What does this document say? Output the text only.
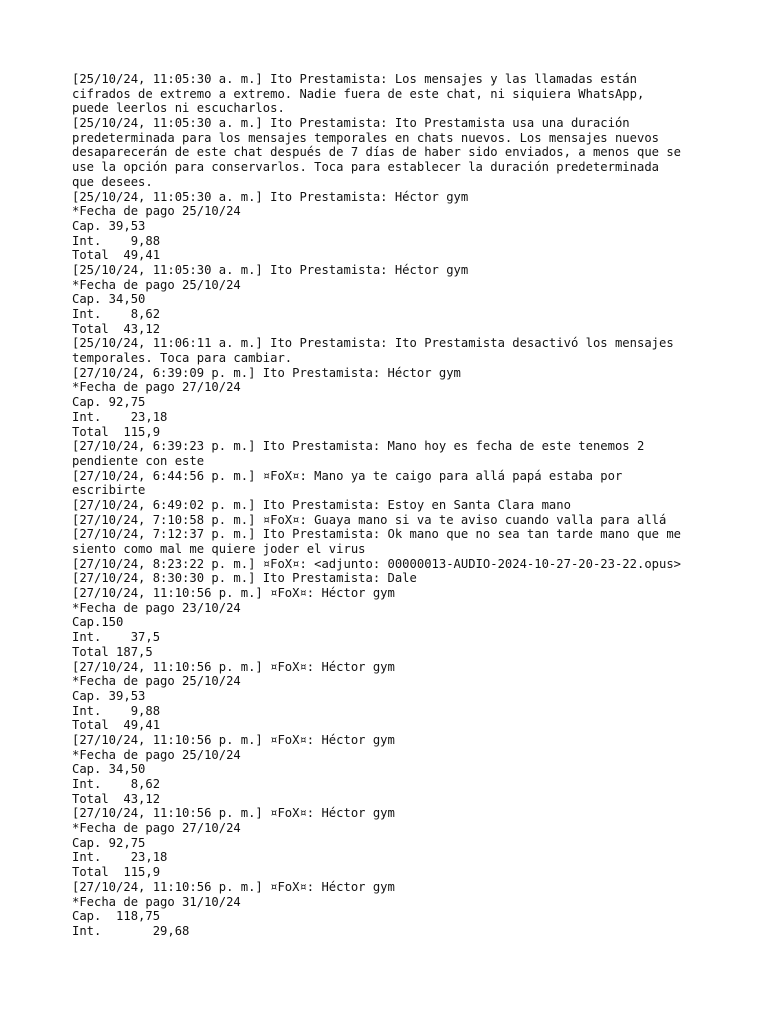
[25/10/24, 11:05:30 a. m.] Ito Prestamista: Los mensajes y las llamadas están
cifrados de extremo a extremo. Nadie fuera de este chat, ni siquiera WhatsApp,
puede leerlos ni escucharlos.
[25/10/24, 11:05:30 a. m.] Ito Prestamista: Ito Prestamista usa una duración
predeterminada para los mensajes temporales en chats nuevos. Los mensajes nuevos
desaparecerán de este chat después de 7 días de haber sido enviados, a menos que se
use la opción para conservarlos. Toca para establecer la duración predeterminada
que desees.
[25/10/24, 11:05:30 a. m.] Ito Prestamista: Héctor gym
*Fecha de pago 25/10/24
Cap. 39,53
Int.    9,88
Total  49,41
[25/10/24, 11:05:30 a. m.] Ito Prestamista: Héctor gym
*Fecha de pago 25/10/24
Cap. 34,50
Int.    8,62
Total  43,12
[25/10/24, 11:06:11 a. m.] Ito Prestamista: Ito Prestamista desactivó los mensajes
temporales. Toca para cambiar.
[27/10/24, 6:39:09 p. m.] Ito Prestamista: Héctor gym
*Fecha de pago 27/10/24
Cap. 92,75
Int.    23,18
Total  115,9
[27/10/24, 6:39:23 p. m.] Ito Prestamista: Mano hoy es fecha de este tenemos 2
pendiente con este
[27/10/24, 6:44:56 p. m.] ¤FoX¤: Mano ya te caigo para allá papá estaba por
escribirte
[27/10/24, 6:49:02 p. m.] Ito Prestamista: Estoy en Santa Clara mano
[27/10/24, 7:10:58 p. m.] ¤FoX¤: Guaya mano si va te aviso cuando valla para allá
[27/10/24, 7:12:37 p. m.] Ito Prestamista: Ok mano que no sea tan tarde mano que me
siento como mal me quiere joder el virus
[27/10/24, 8:23:22 p. m.] ¤FoX¤: <adjunto: 00000013-AUDIO-2024-10-27-20-23-22.opus>
[27/10/24, 8:30:30 p. m.] Ito Prestamista: Dale
[27/10/24, 11:10:56 p. m.] ¤FoX¤: Héctor gym
*Fecha de pago 23/10/24
Cap.150
Int.    37,5
Total 187,5
[27/10/24, 11:10:56 p. m.] ¤FoX¤: Héctor gym
*Fecha de pago 25/10/24
Cap. 39,53
Int.    9,88
Total  49,41
[27/10/24, 11:10:56 p. m.] ¤FoX¤: Héctor gym
*Fecha de pago 25/10/24
Cap. 34,50
Int.    8,62
Total  43,12
[27/10/24, 11:10:56 p. m.] ¤FoX¤: Héctor gym
*Fecha de pago 27/10/24
Cap. 92,75
Int.    23,18
Total  115,9
[27/10/24, 11:10:56 p. m.] ¤FoX¤: Héctor gym
*Fecha de pago 31/10/24
Cap.  118,75
Int.       29,68
